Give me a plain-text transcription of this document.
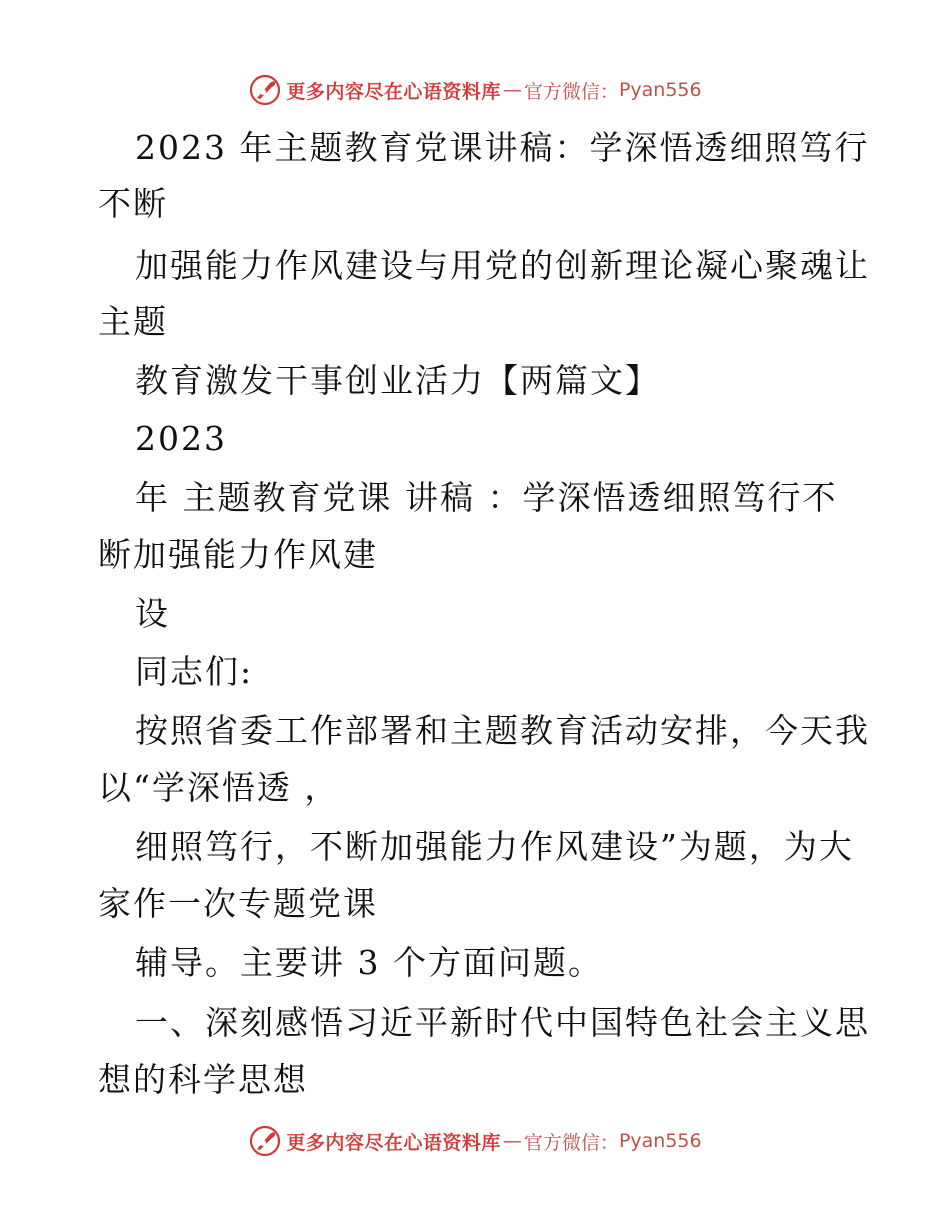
更多内容尽在心语资料库 — 官方微信： Pyan556
2023 年主题教育党课讲稿：学深悟透细照笃行
不断
加强能力作风建设与用党的创新理论凝心聚魂让
主题
教育激发干事创业活力【两篇文】
2023
年 主题教育党课 讲稿 ：学深悟透细照笃行不
断加强能力作风建
设
同志们:
按照省委工作部署和主题教育活动安排，今天我
以“学深悟透 ，
细照笃行，不断加强能力作风建设”为题，为大
家作一次专题党课
辅导。主要讲 3 个方面问题。
一、深刻感悟习近平新时代中国特色社会主义思
想的科学思想
更多内容尽在心语资料库 — 官方微信： Pyan556
